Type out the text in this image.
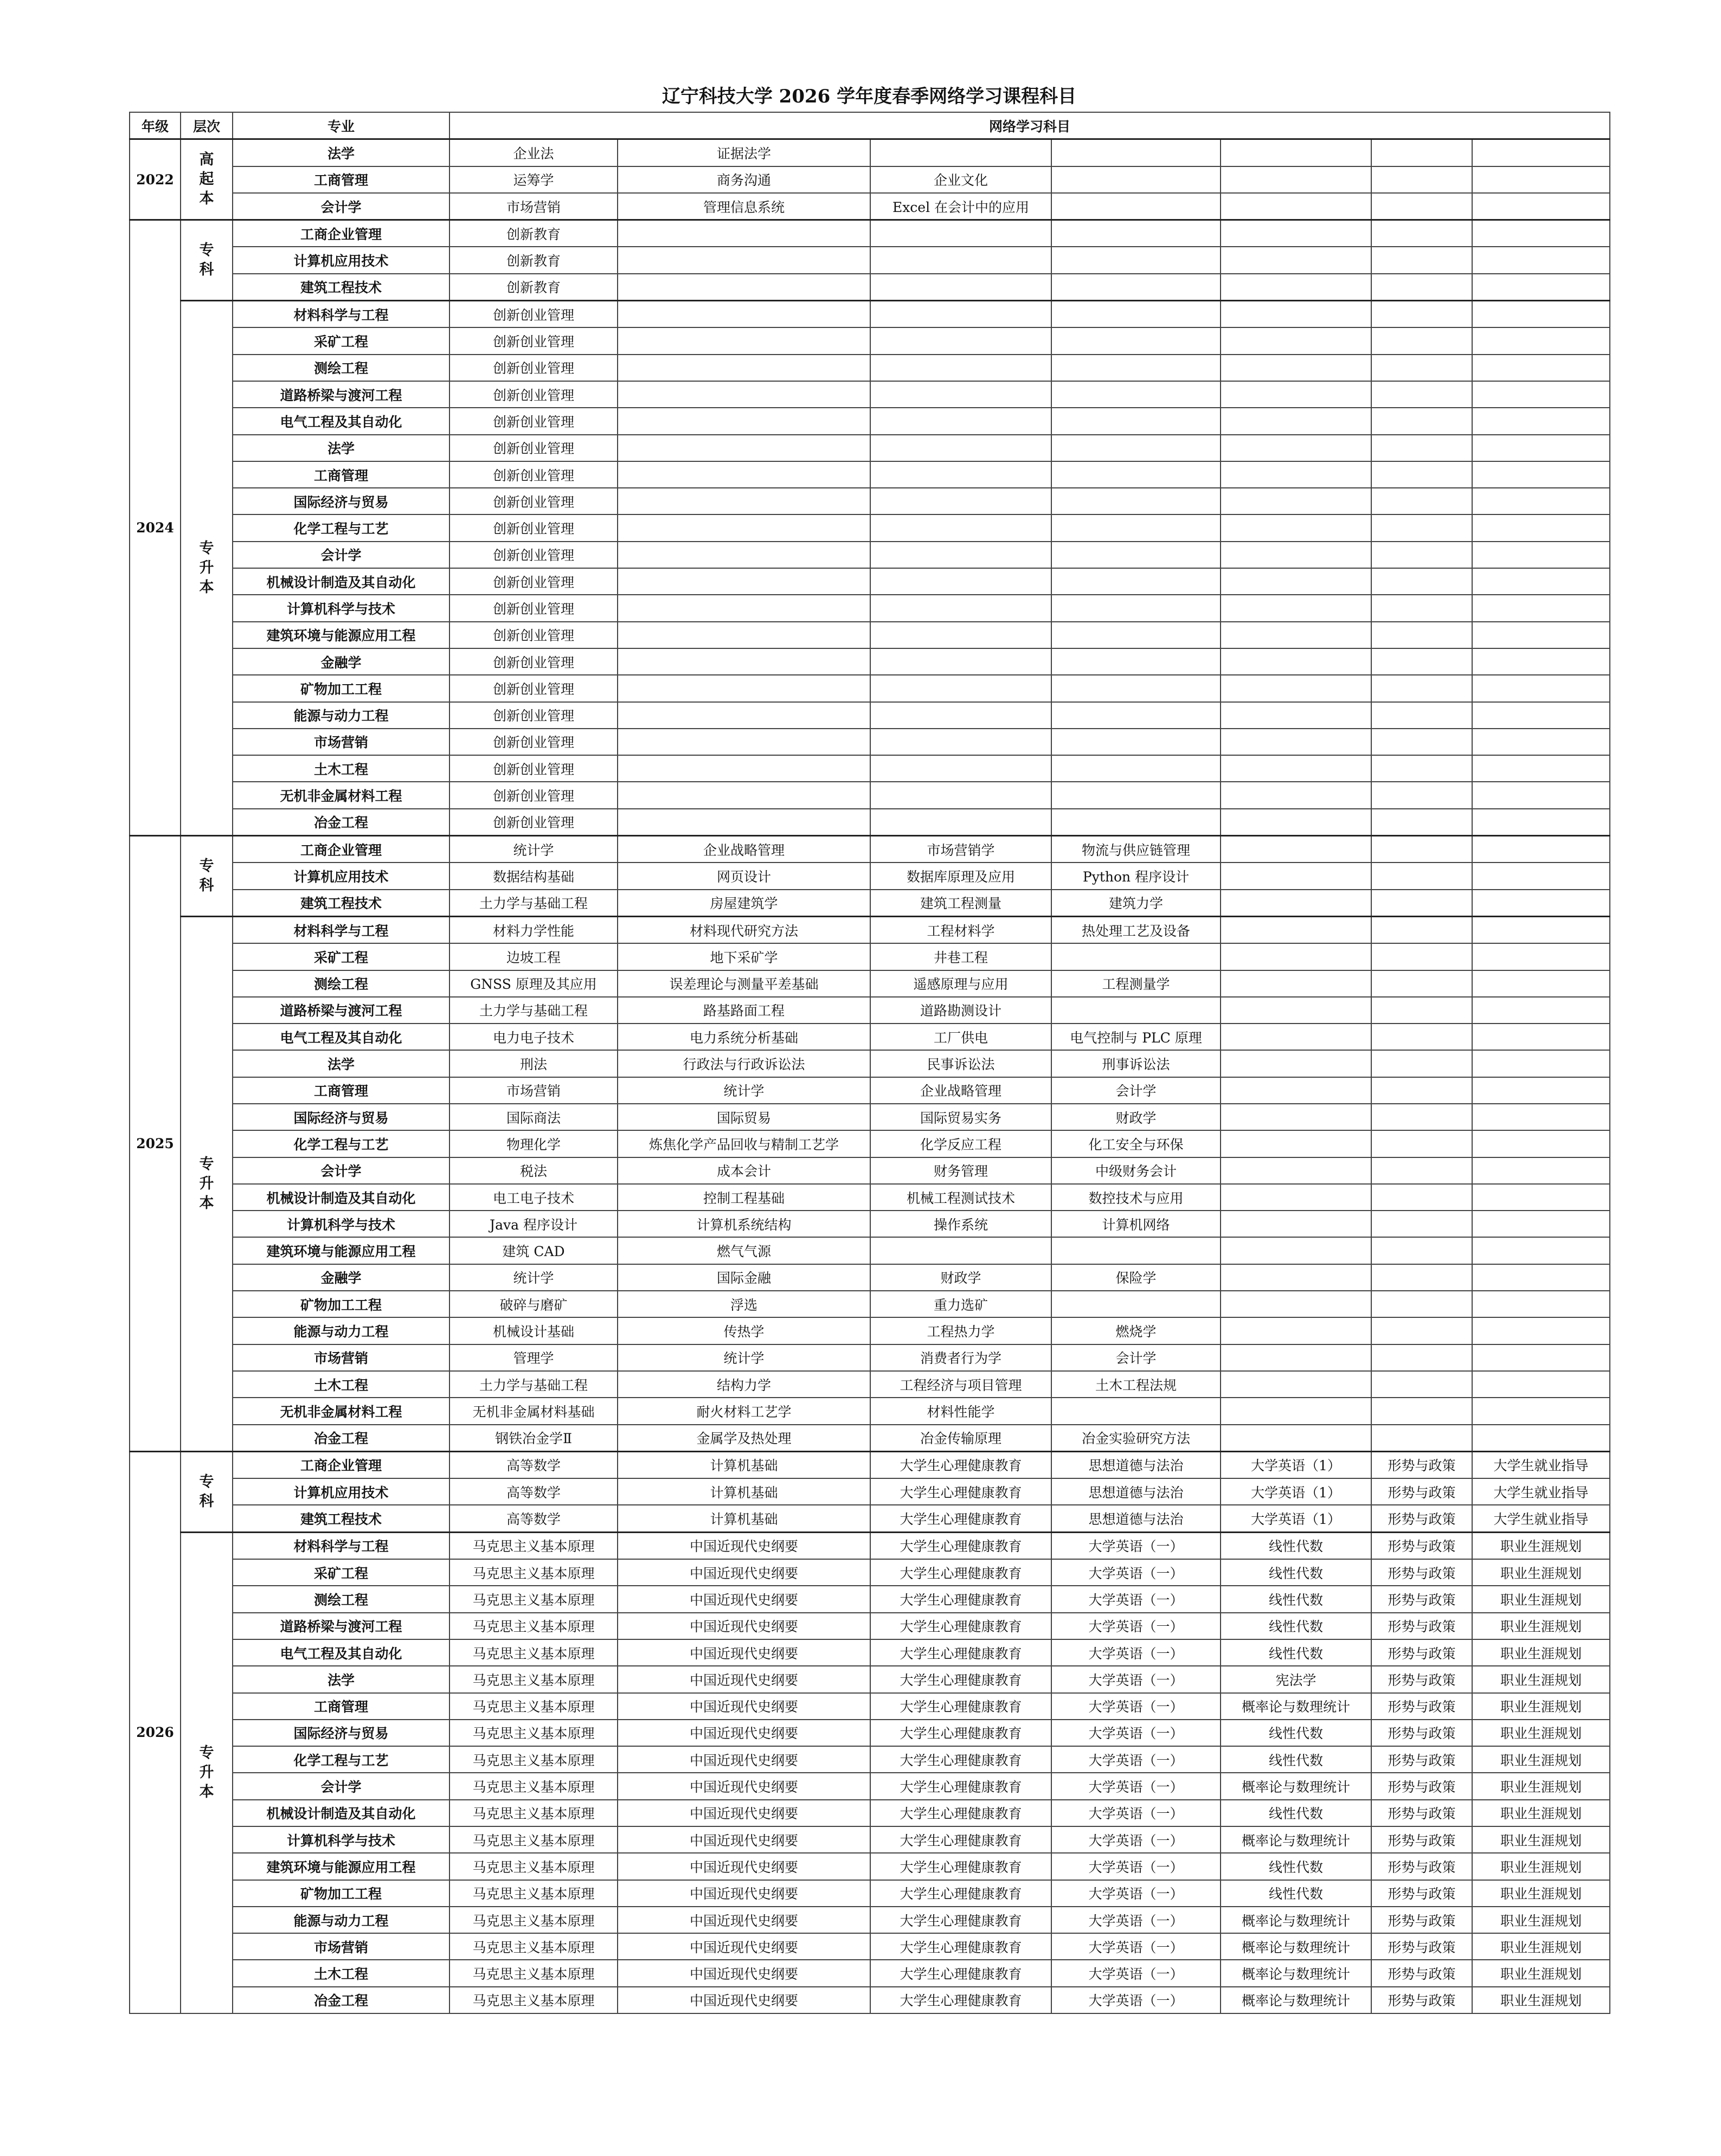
辽宁科技大学 2026 学年度春季网络学习课程科目
年级	层次	专业	网络学习科目						
2022	高起本	法学	企业法	证据法学					
		工商管理	运筹学	商务沟通	企业文化				
		会计学	市场营销	管理信息系统	Excel 在会计中的应用				
2024	专科	工商企业管理	创新教育						
		计算机应用技术	创新教育						
		建筑工程技术	创新教育						

	专升本	材料科学与工程	创新创业管理						
		采矿工程	创新创业管理						
		测绘工程	创新创业管理						
		道路桥梁与渡河工程	创新创业管理						
		电气工程及其自动化	创新创业管理						
		法学	创新创业管理						
		工商管理	创新创业管理						
		国际经济与贸易	创新创业管理						
		化学工程与工艺	创新创业管理						
		会计学	创新创业管理						
		机械设计制造及其自动化	创新创业管理						
		计算机科学与技术	创新创业管理						
		建筑环境与能源应用工程	创新创业管理						
		金融学	创新创业管理						
		矿物加工工程	创新创业管理						
		能源与动力工程	创新创业管理						
		市场营销	创新创业管理						
		土木工程	创新创业管理						
		无机非金属材料工程	创新创业管理						
		冶金工程	创新创业管理						
2025	专科	工商企业管理	统计学	企业战略管理	市场营销学	物流与供应链管理			
		计算机应用技术	数据结构基础	网页设计	数据库原理及应用	Python 程序设计			
		建筑工程技术	土力学与基础工程	房屋建筑学	建筑工程测量	建筑力学			

	专升本	材料科学与工程	材料力学性能	材料现代研究方法	工程材料学	热处理工艺及设备			
		采矿工程	边坡工程	地下采矿学	井巷工程				
		测绘工程	GNSS 原理及其应用	误差理论与测量平差基础	遥感原理与应用	工程测量学			
		道路桥梁与渡河工程	土力学与基础工程	路基路面工程	道路勘测设计				
		电气工程及其自动化	电力电子技术	电力系统分析基础	工厂供电	电气控制与 PLC 原理			
		法学	刑法	行政法与行政诉讼法	民事诉讼法	刑事诉讼法			
		工商管理	市场营销	统计学	企业战略管理	会计学			
		国际经济与贸易	国际商法	国际贸易	国际贸易实务	财政学			
		化学工程与工艺	物理化学	炼焦化学产品回收与精制工艺学	化学反应工程	化工安全与环保			
		会计学	税法	成本会计	财务管理	中级财务会计			
		机械设计制造及其自动化	电工电子技术	控制工程基础	机械工程测试技术	数控技术与应用			
		计算机科学与技术	Java 程序设计	计算机系统结构	操作系统	计算机网络			
		建筑环境与能源应用工程	建筑 CAD	燃气气源					
		金融学	统计学	国际金融	财政学	保险学			
		矿物加工工程	破碎与磨矿	浮选	重力选矿				
		能源与动力工程	机械设计基础	传热学	工程热力学	燃烧学			
		市场营销	管理学	统计学	消费者行为学	会计学			
		土木工程	土力学与基础工程	结构力学	工程经济与项目管理	土木工程法规			
		无机非金属材料工程	无机非金属材料基础	耐火材料工艺学	材料性能学				
		冶金工程	钢铁冶金学Ⅱ	金属学及热处理	冶金传输原理	冶金实验研究方法			
2026	专科	工商企业管理	高等数学	计算机基础	大学生心理健康教育	思想道德与法治	大学英语（1）	形势与政策	大学生就业指导
		计算机应用技术	高等数学	计算机基础	大学生心理健康教育	思想道德与法治	大学英语（1）	形势与政策	大学生就业指导
		建筑工程技术	高等数学	计算机基础	大学生心理健康教育	思想道德与法治	大学英语（1）	形势与政策	大学生就业指导

	专升本	材料科学与工程	马克思主义基本原理	中国近现代史纲要	大学生心理健康教育	大学英语（一）	线性代数	形势与政策	职业生涯规划
		采矿工程	马克思主义基本原理	中国近现代史纲要	大学生心理健康教育	大学英语（一）	线性代数	形势与政策	职业生涯规划
		测绘工程	马克思主义基本原理	中国近现代史纲要	大学生心理健康教育	大学英语（一）	线性代数	形势与政策	职业生涯规划
		道路桥梁与渡河工程	马克思主义基本原理	中国近现代史纲要	大学生心理健康教育	大学英语（一）	线性代数	形势与政策	职业生涯规划
		电气工程及其自动化	马克思主义基本原理	中国近现代史纲要	大学生心理健康教育	大学英语（一）	线性代数	形势与政策	职业生涯规划
		法学	马克思主义基本原理	中国近现代史纲要	大学生心理健康教育	大学英语（一）	宪法学	形势与政策	职业生涯规划
		工商管理	马克思主义基本原理	中国近现代史纲要	大学生心理健康教育	大学英语（一）	概率论与数理统计	形势与政策	职业生涯规划
		国际经济与贸易	马克思主义基本原理	中国近现代史纲要	大学生心理健康教育	大学英语（一）	线性代数	形势与政策	职业生涯规划
		化学工程与工艺	马克思主义基本原理	中国近现代史纲要	大学生心理健康教育	大学英语（一）	线性代数	形势与政策	职业生涯规划
		会计学	马克思主义基本原理	中国近现代史纲要	大学生心理健康教育	大学英语（一）	概率论与数理统计	形势与政策	职业生涯规划
		机械设计制造及其自动化	马克思主义基本原理	中国近现代史纲要	大学生心理健康教育	大学英语（一）	线性代数	形势与政策	职业生涯规划
		计算机科学与技术	马克思主义基本原理	中国近现代史纲要	大学生心理健康教育	大学英语（一）	概率论与数理统计	形势与政策	职业生涯规划
		建筑环境与能源应用工程	马克思主义基本原理	中国近现代史纲要	大学生心理健康教育	大学英语（一）	线性代数	形势与政策	职业生涯规划
		矿物加工工程	马克思主义基本原理	中国近现代史纲要	大学生心理健康教育	大学英语（一）	线性代数	形势与政策	职业生涯规划
		能源与动力工程	马克思主义基本原理	中国近现代史纲要	大学生心理健康教育	大学英语（一）	概率论与数理统计	形势与政策	职业生涯规划
		市场营销	马克思主义基本原理	中国近现代史纲要	大学生心理健康教育	大学英语（一）	概率论与数理统计	形势与政策	职业生涯规划
		土木工程	马克思主义基本原理	中国近现代史纲要	大学生心理健康教育	大学英语（一）	概率论与数理统计	形势与政策	职业生涯规划
		冶金工程	马克思主义基本原理	中国近现代史纲要	大学生心理健康教育	大学英语（一）	概率论与数理统计	形势与政策	职业生涯规划
